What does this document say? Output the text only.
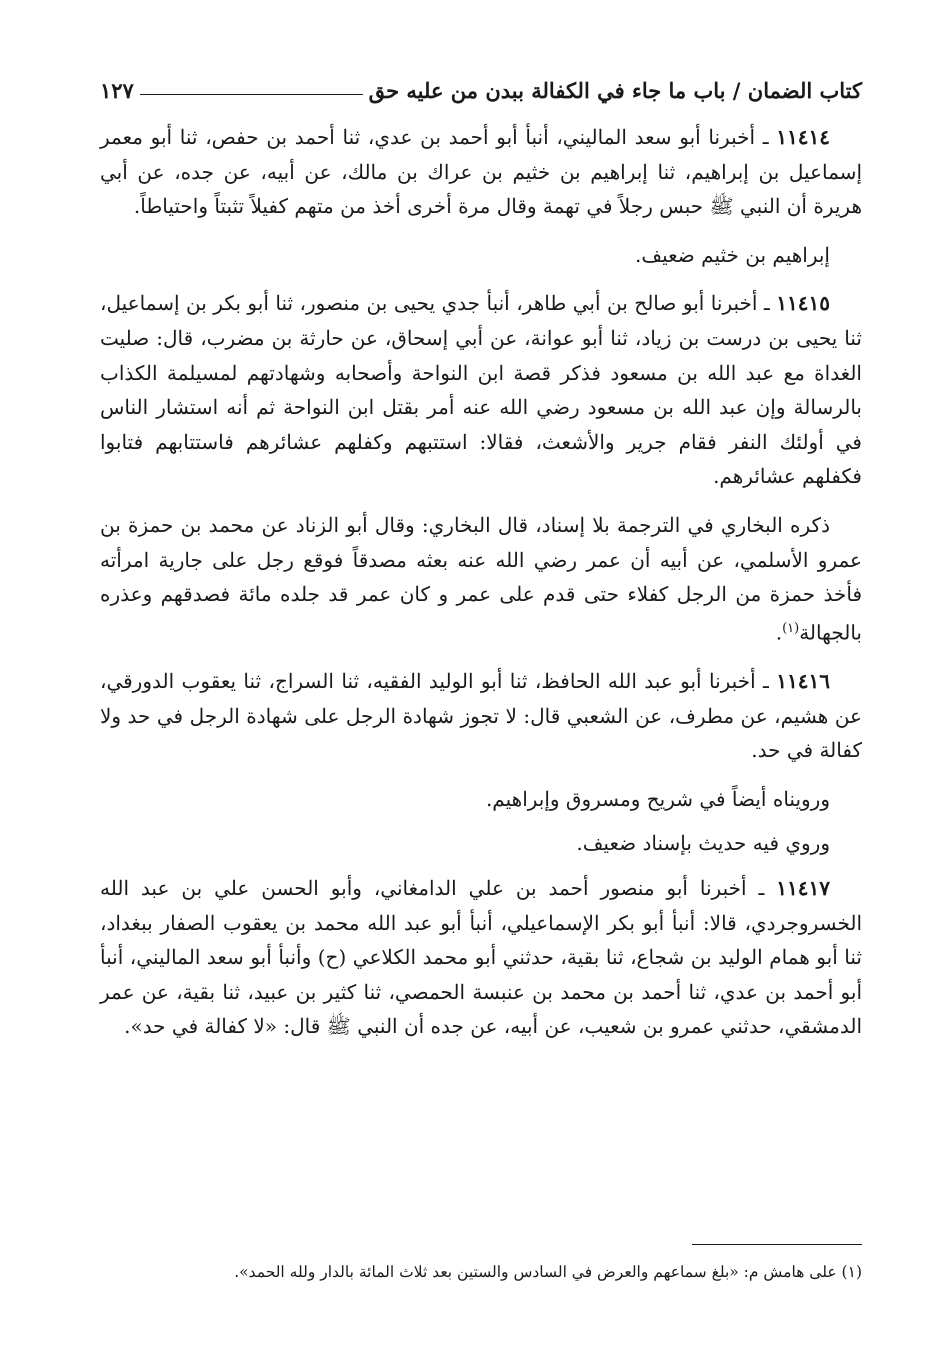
كتاب الضمان / باب ما جاء في الكفالة ببدن من عليه حق
١٢٧

١١٤١٤ ـ أخبرنا أبو سعد الماليني، أنبأ أبو أحمد بن عدي، ثنا أحمد بن حفص، ثنا أبو معمر إسماعيل بن إبراهيم، ثنا إبراهيم بن خثيم بن عراك بن مالك، عن أبيه، عن جده، عن أبي هريرة أن النبي ﷺ حبس رجلاً في تهمة وقال مرة أخرى أخذ من متهم كفيلاً تثبتاً واحتياطاً.

إبراهيم بن خثيم ضعيف.

١١٤١٥ ـ أخبرنا أبو صالح بن أبي طاهر، أنبأ جدي يحيى بن منصور، ثنا أبو بكر بن إسماعيل، ثنا يحيى بن درست بن زياد، ثنا أبو عوانة، عن أبي إسحاق، عن حارثة بن مضرب، قال: صليت الغداة مع عبد الله بن مسعود فذكر قصة ابن النواحة وأصحابه وشهادتهم لمسيلمة الكذاب بالرسالة وإن عبد الله بن مسعود رضي الله عنه أمر بقتل ابن النواحة ثم أنه استشار الناس في أولئك النفر فقام جرير والأشعث، فقالا: استتبهم وكفلهم عشائرهم فاستتابهم فتابوا فكفلهم عشائرهم.

ذكره البخاري في الترجمة بلا إسناد، قال البخاري: وقال أبو الزناد عن محمد بن حمزة بن عمرو الأسلمي، عن أبيه أن عمر رضي الله عنه بعثه مصدقاً فوقع رجل على جارية امرأته فأخذ حمزة من الرجل كفلاء حتى قدم على عمر و كان عمر قد جلده مائة فصدقهم وعذره بالجهالة$^{(١)}$.

١١٤١٦ ـ أخبرنا أبو عبد الله الحافظ، ثنا أبو الوليد الفقيه، ثنا السراج، ثنا يعقوب الدورقي، عن هشيم، عن مطرف، عن الشعبي قال: لا تجوز شهادة الرجل على شهادة الرجل في حد ولا كفالة في حد.

ورويناه أيضاً في شريح ومسروق وإبراهيم.

وروي فيه حديث بإسناد ضعيف.

١١٤١٧ ـ أخبرنا أبو منصور أحمد بن علي الدامغاني، وأبو الحسن علي بن عبد الله الخسروجردي، قالا: أنبأ أبو بكر الإسماعيلي، أنبأ أبو عبد الله محمد بن يعقوب الصفار ببغداد، ثنا أبو همام الوليد بن شجاع، ثنا بقية، حدثني أبو محمد الكلاعي (ح) وأنبأ أبو سعد الماليني، أنبأ أبو أحمد بن عدي، ثنا أحمد بن محمد بن عنبسة الحمصي، ثنا كثير بن عبيد، ثنا بقية، عن عمر الدمشقي، حدثني عمرو بن شعيب، عن أبيه، عن جده أن النبي ﷺ قال: «لا كفالة في حد».

(١) على هامش م: «بلغ سماعهم والعرض في السادس والستين بعد ثلاث المائة بالدار ولله الحمد».
